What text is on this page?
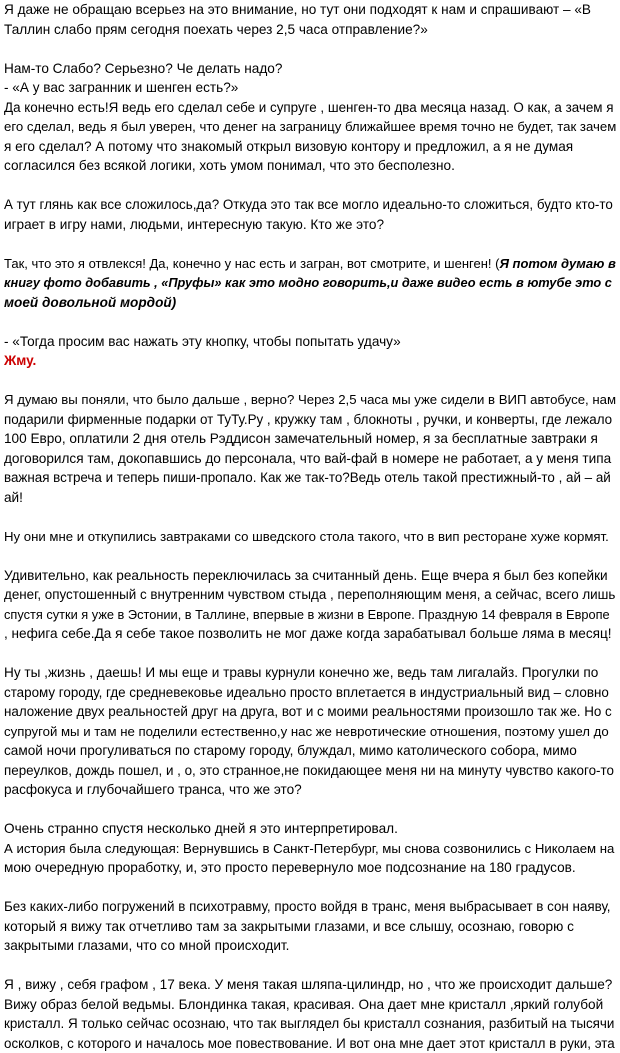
Я даже не обращаю всерьез на это внимание, но тут они подходят к нам и спрашивают – «В
Таллин слабо прям сегодня поехать через 2,5 часа отправление?»

Нам-то Слабо? Серьезно? Че делать надо?
- «А у вас загранник и шенген есть?»
Да конечно есть!Я ведь его сделал себе и супруге , шенген-то два месяца назад. О как, а зачем я
его сделал, ведь я был уверен, что денег на заграницу ближайшее время точно не будет, так зачем
я его сделал? А потому что знакомый открыл визовую контору и предложил, а я не думая
согласился без всякой логики, хоть умом понимал, что это бесполезно.

А тут глянь как все сложилось,да? Откуда это так все могло идеально-то сложиться, будто кто-то
играет в игру нами, людьми, интересную такую. Кто же это?

Так, что это я отвлекся! Да, конечно у нас есть и загран, вот смотрите, и шенген! (Я потом думаю в
книгу фото добавить , «Пруфы» как это модно говорить,и даже видео есть в ютубе это с
моей довольной мордой)

- «Тогда просим вас нажать эту кнопку, чтобы попытать удачу»
Жму.

Я думаю вы поняли, что было дальше , верно? Через 2,5 часа мы уже сидели в ВИП автобусе, нам
подарили фирменные подарки от ТуТу.Ру , кружку там , блокноты , ручки, и конверты, где лежало
100 Евро, оплатили 2 дня отель Рэддисон замечательный номер, я за бесплатные завтраки я
договорился там, докопавшись до персонала, что вай-фай в номере не работает, а у меня типа
важная встреча и теперь пиши-пропало. Как же так-то?Ведь отель такой престижный-то , ай – ай
ай!

Ну они мне и откупились завтраками со шведского стола такого, что в вип ресторане хуже кормят.

Удивительно, как реальность переключилась за считанный день. Еще вчера я был без копейки
денег, опустошенный с внутренним чувством стыда , переполняющим меня, а сейчас, всего лишь
спустя сутки я уже в Эстонии, в Таллине, впервые в жизни в Европе. Праздную 14 февраля в Европе
, нефига себе.Да я себе такое позволить не мог даже когда зарабатывал больше ляма в месяц!

Ну ты ,жизнь , даешь! И мы еще и травы курнули конечно же, ведь там лигалайз. Прогулки по
старому городу, где средневековье идеально просто вплетается в индустриальный вид – словно
наложение двух реальностей друг на друга, вот и с моими реальностями произошло так же. Но с
супругой мы и там не поделили естественно,у нас же невротические отношения, поэтому ушел до
самой ночи прогуливаться по старому городу, блуждал, мимо католического собора, мимо
переулков, дождь пошел, и , о, это странное,не покидающее меня ни на минуту чувство какого-то
расфокуса и глубочайшего транса, что же это?

Очень странно спустя несколько дней я это интерпретировал.
А история была следующая: Вернувшись в Санкт-Петербург, мы снова созвонились с Николаем на
мою очередную проработку, и, это просто перевернуло мое подсознание на 180 градусов.

Без каких-либо погружений в психотравму, просто войдя в транс, меня выбрасывает в сон наяву,
который я вижу так отчетливо там за закрытыми глазами, и все слышу, осознаю, говорю с
закрытыми глазами, что со мной происходит.

Я , вижу , себя графом , 17 века. У меня такая шляпа-цилиндр, но , что же происходит дальше?
Вижу образ белой ведьмы. Блондинка такая, красивая. Она дает мне кристалл ,яркий голубой
кристалл. Я только сейчас осознаю, что так выглядел бы кристалл сознания, разбитый на тысячи
осколков, с которого и началось мое повествование. И вот она мне дает этот кристалл в руки, эта
